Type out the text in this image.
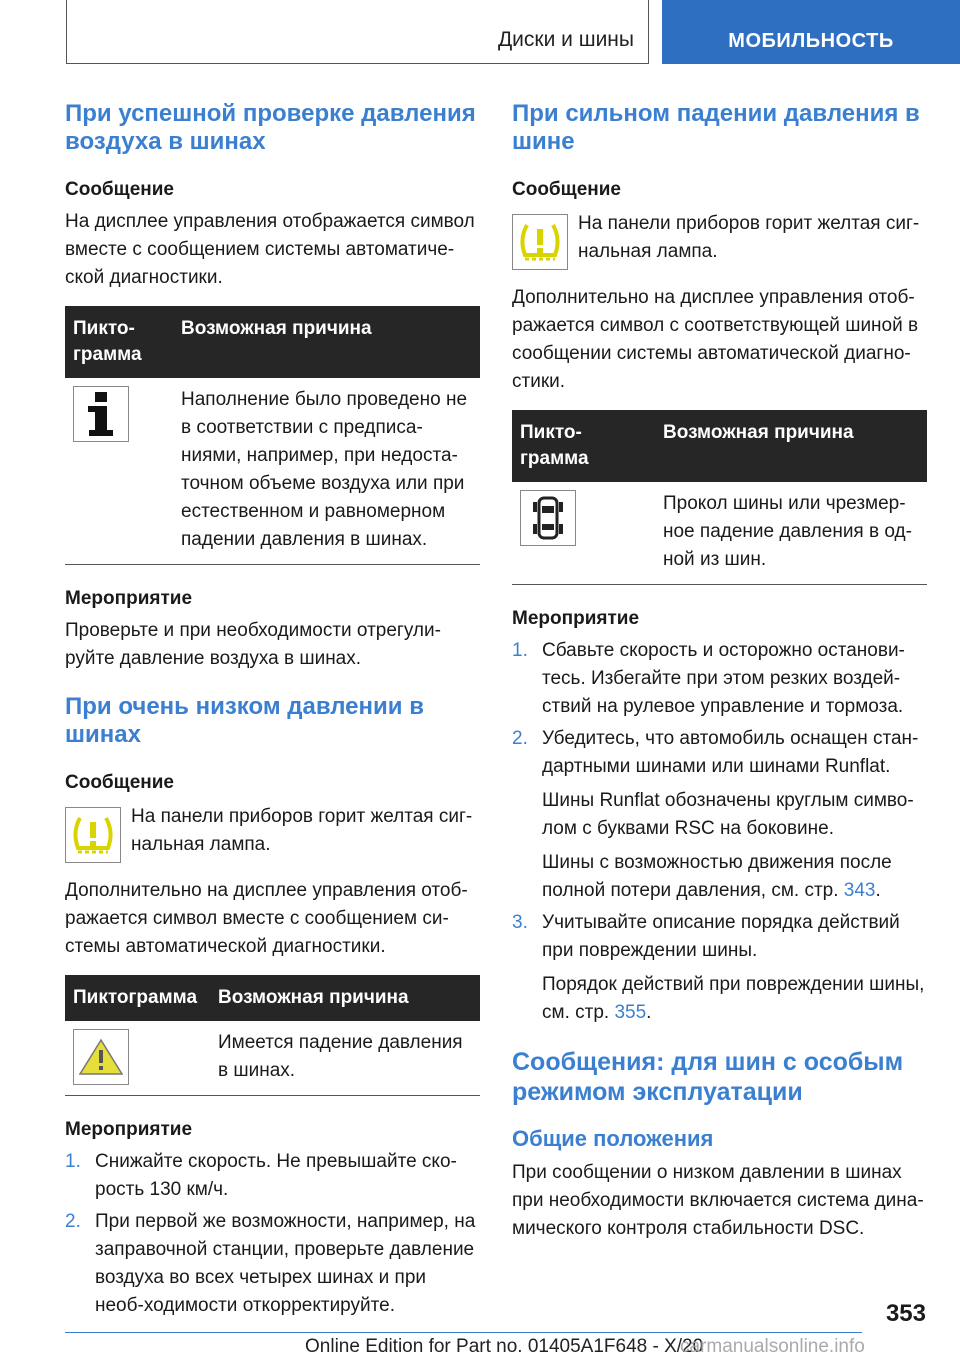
Диски и шины	МОБИЛЬНОСТЬ
При успешной проверке давления воздуха в шинах
Сообщение

На дисплее управления отображается символ вместе с сообщением системы автоматиче-ской диагностики.

Пикто-грамма	Возможная причина

	Наполнение было проведено не в соответствии с предписа-ниями, например, при недоста-точном объеме воздуха или при естественном и равномерном падении давления в шинах.
Мероприятие

Проверьте и при необходимости отрегули-руйте давление воздуха в шинах.

При очень низком давлении в шинах
Сообщение

На панели приборов горит желтая сиг-нальная лампа.

Дополнительно на дисплее управления отоб-ражается символ вместе с сообщением си-стемы автоматической диагностики.

Пиктограмма	Возможная причина

	Имеется падение давления в шинах.
Мероприятие
1. Снижайте скорость. Не превышайте ско-рость 130 км/ч.
2. При первой же возможности, например, на заправочной станции, проверьте давление воздуха во всех четырех шинах и при необ-ходимости откорректируйте.
При сильном падении давления в шине
Сообщение

На панели приборов горит желтая сиг-нальная лампа.

Дополнительно на дисплее управления отоб-ражается символ с соответствующей шиной в сообщении системы автоматической диагно-стики.

Пикто-грамма	Возможная причина

	Прокол шины или чрезмер-ное падение давления в од-ной из шин.
Мероприятие
1. Сбавьте скорость и осторожно останови-тесь. Избегайте при этом резких воздей-ствий на рулевое управление и тормоза.
2. Убедитесь, что автомобиль оснащен стан-дартными шинами или шинами Runflat.

Шины Runflat обозначены круглым симво-лом с буквами RSC на боковине.

Шины с возможностью движения после полной потери давления, см. стр. 343.

3. Учитывайте описание порядка действий при повреждении шины.

Порядок действий при повреждении шины, см. стр. 355.

Сообщения: для шин с особым режимом эксплуатации
Общие положения

При сообщении о низком давлении в шинах при необходимости включается система дина-мического контроля стабильности DSC.

353
Online Edition for Part no. 01405A1F648 - X/20
carmanualsonline.info
